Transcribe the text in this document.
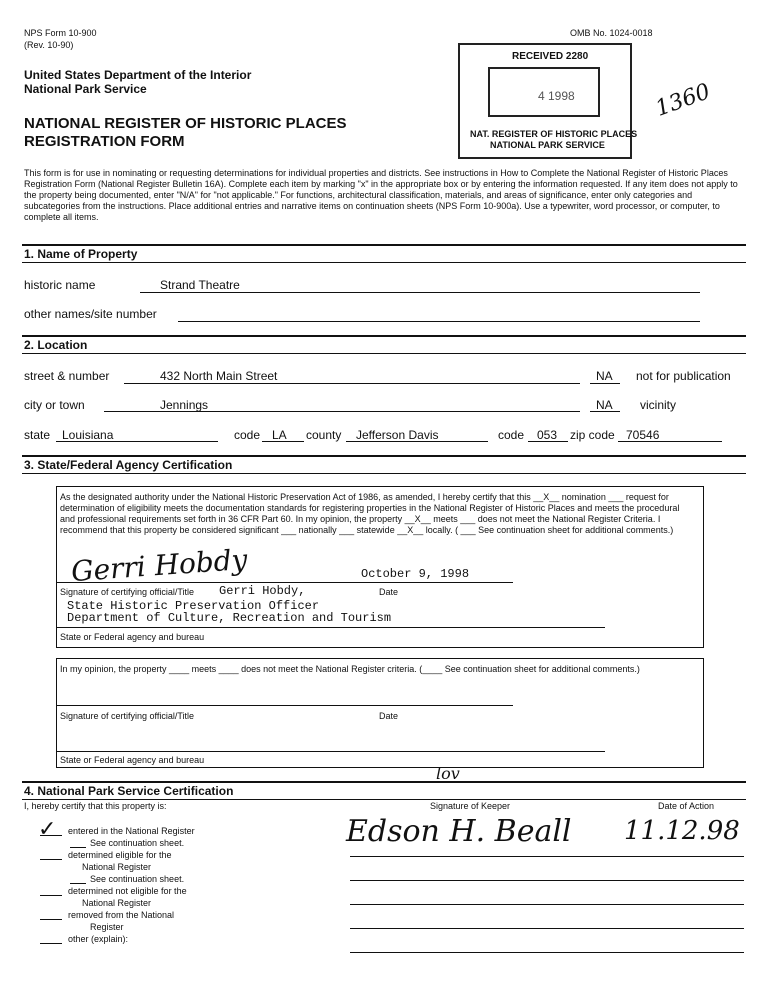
NPS Form 10-900
(Rev. 10-90)
OMB No. 1024-0018
United States Department of the Interior
National Park Service
NATIONAL REGISTER OF HISTORIC PLACES
REGISTRATION FORM
RECEIVED 2280
4 1998
NAT. REGISTER OF HISTORIC PLACES
NATIONAL PARK SERVICE
1360

This form is for use in nominating or requesting determinations for individual properties and districts. See instructions in How to Complete the National Register of Historic Places Registration Form (National Register Bulletin 16A). Complete each item by marking "x" in the appropriate box or by entering the information requested. If any item does not apply to the property being documented, enter "N/A" for "not applicable." For functions, architectural classification, materials, and areas of significance, enter only categories and subcategories from the instructions. Place additional entries and narrative items on continuation sheets (NPS Form 10-900a). Use a typewriter, word processor, or computer, to complete all items.

1. Name of Property
historic name	Strand Theatre
other names/site number
2. Location
street & number	432 North Main Street	NA not for publication
city or town	Jennings	NA vicinity
state Louisiana	code LA county Jefferson Davis	code 053 zip code 70546
3. State/Federal Agency Certification

As the designated authority under the National Historic Preservation Act of 1986, as amended, I hereby certify that this __X__ nomination ___ request for determination of eligibility meets the documentation standards for registering properties in the National Register of Historic Places and meets the procedural and professional requirements set forth in 36 CFR Part 60. In my opinion, the property __X__ meets ___ does not meet the National Register Criteria. I recommend that this property be considered significant ___ nationally ___ statewide __X__ locally. ( ___ See continuation sheet for additional comments.)

Gerri Hobdy	October 9, 1998
Signature of certifying official/Title Gerri Hobdy,	Date
State Historic Preservation Officer
Department of Culture, Recreation and Tourism
State or Federal agency and bureau
In my opinion, the property ____ meets ____ does not meet the National Register criteria. (____ See continuation sheet for additional comments.)
Signature of certifying official/Title	Date
State or Federal agency and bureau
4. National Park Service Certification
I, hereby certify that this property is:	Signature of Keeper	Date of Action
lov
Edson H. Beall 11.12.98
✓ entered in the National Register
See continuation sheet.
determined eligible for the
National Register
See continuation sheet.
determined not eligible for the
National Register
removed from the National
Register
other (explain):
